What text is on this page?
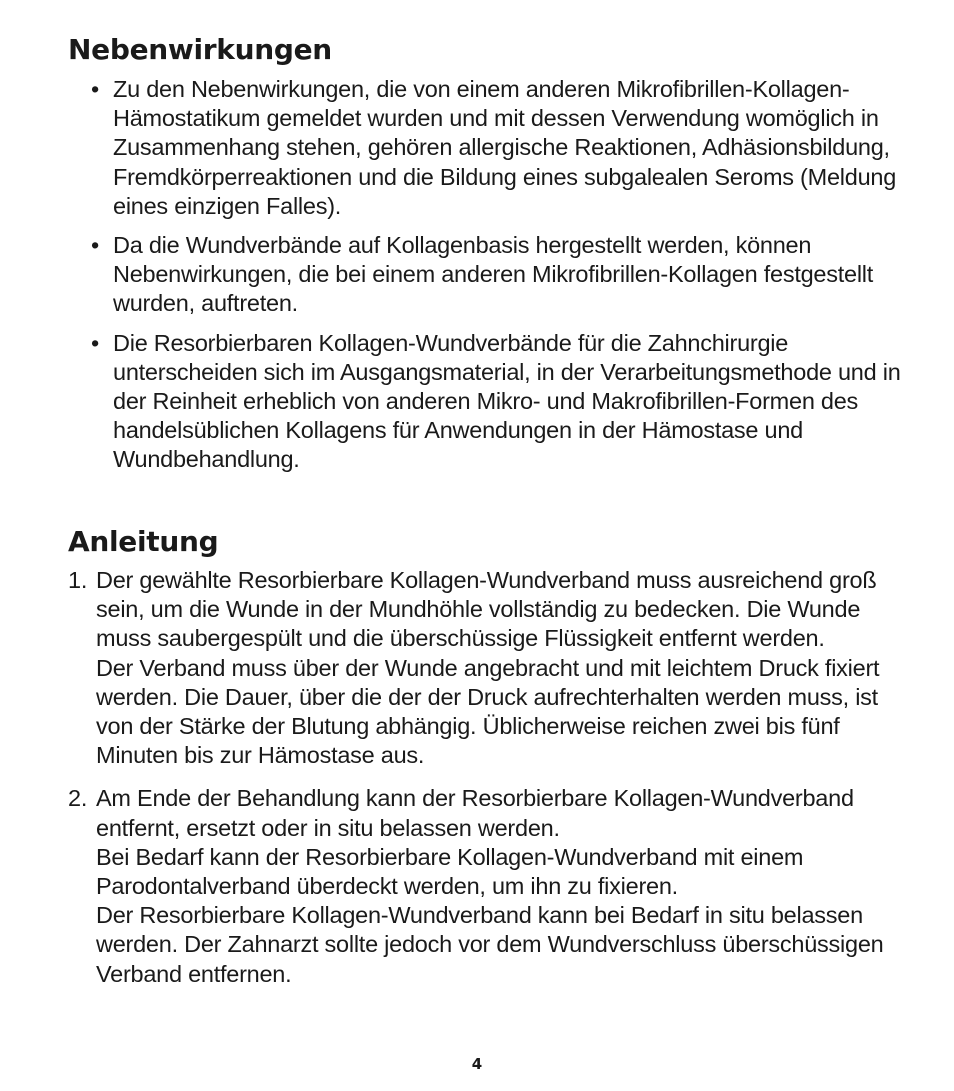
Nebenwirkungen
• Zu den Nebenwirkungen, die von einem anderen Mikrofibrillen-Kollagen-Hämostatikum gemeldet wurden und mit dessen Verwendung womöglich in Zusammenhang stehen, gehören allergische Reaktionen, Adhäsionsbildung, Fremdkörperreaktionen und die Bildung eines subgalealen Seroms (Meldung eines einzigen Falles).
• Da die Wundverbände auf Kollagenbasis hergestellt werden, können Nebenwirkungen, die bei einem anderen Mikrofibrillen-Kollagen festgestellt wurden, auftreten.
• Die Resorbierbaren Kollagen-Wundverbände für die Zahnchirurgie unterscheiden sich im Ausgangsmaterial, in der Verarbeitungsmethode und in der Reinheit erheblich von anderen Mikro- und Makrofibrillen-Formen des handelsüblichen Kollagens für Anwendungen in der Hämostase und Wundbehandlung.
Anleitung
1. Der gewählte Resorbierbare Kollagen-Wundverband muss ausreichend groß sein, um die Wunde in der Mundhöhle vollständig zu bedecken. Die Wunde muss saubergespült und die überschüssige Flüssigkeit entfernt werden.
Der Verband muss über der Wunde angebracht und mit leichtem Druck fixiert werden. Die Dauer, über die der der Druck aufrechterhalten werden muss, ist von der Stärke der Blutung abhängig. Üblicherweise reichen zwei bis fünf Minuten bis zur Hämostase aus.
2. Am Ende der Behandlung kann der Resorbierbare Kollagen-Wundverband entfernt, ersetzt oder in situ belassen werden.
Bei Bedarf kann der Resorbierbare Kollagen-Wundverband mit einem Parodontalverband überdeckt werden, um ihn zu fixieren.
Der Resorbierbare Kollagen-Wundverband kann bei Bedarf in situ belassen werden. Der Zahnarzt sollte jedoch vor dem Wundverschluss überschüssigen Verband entfernen.
4
